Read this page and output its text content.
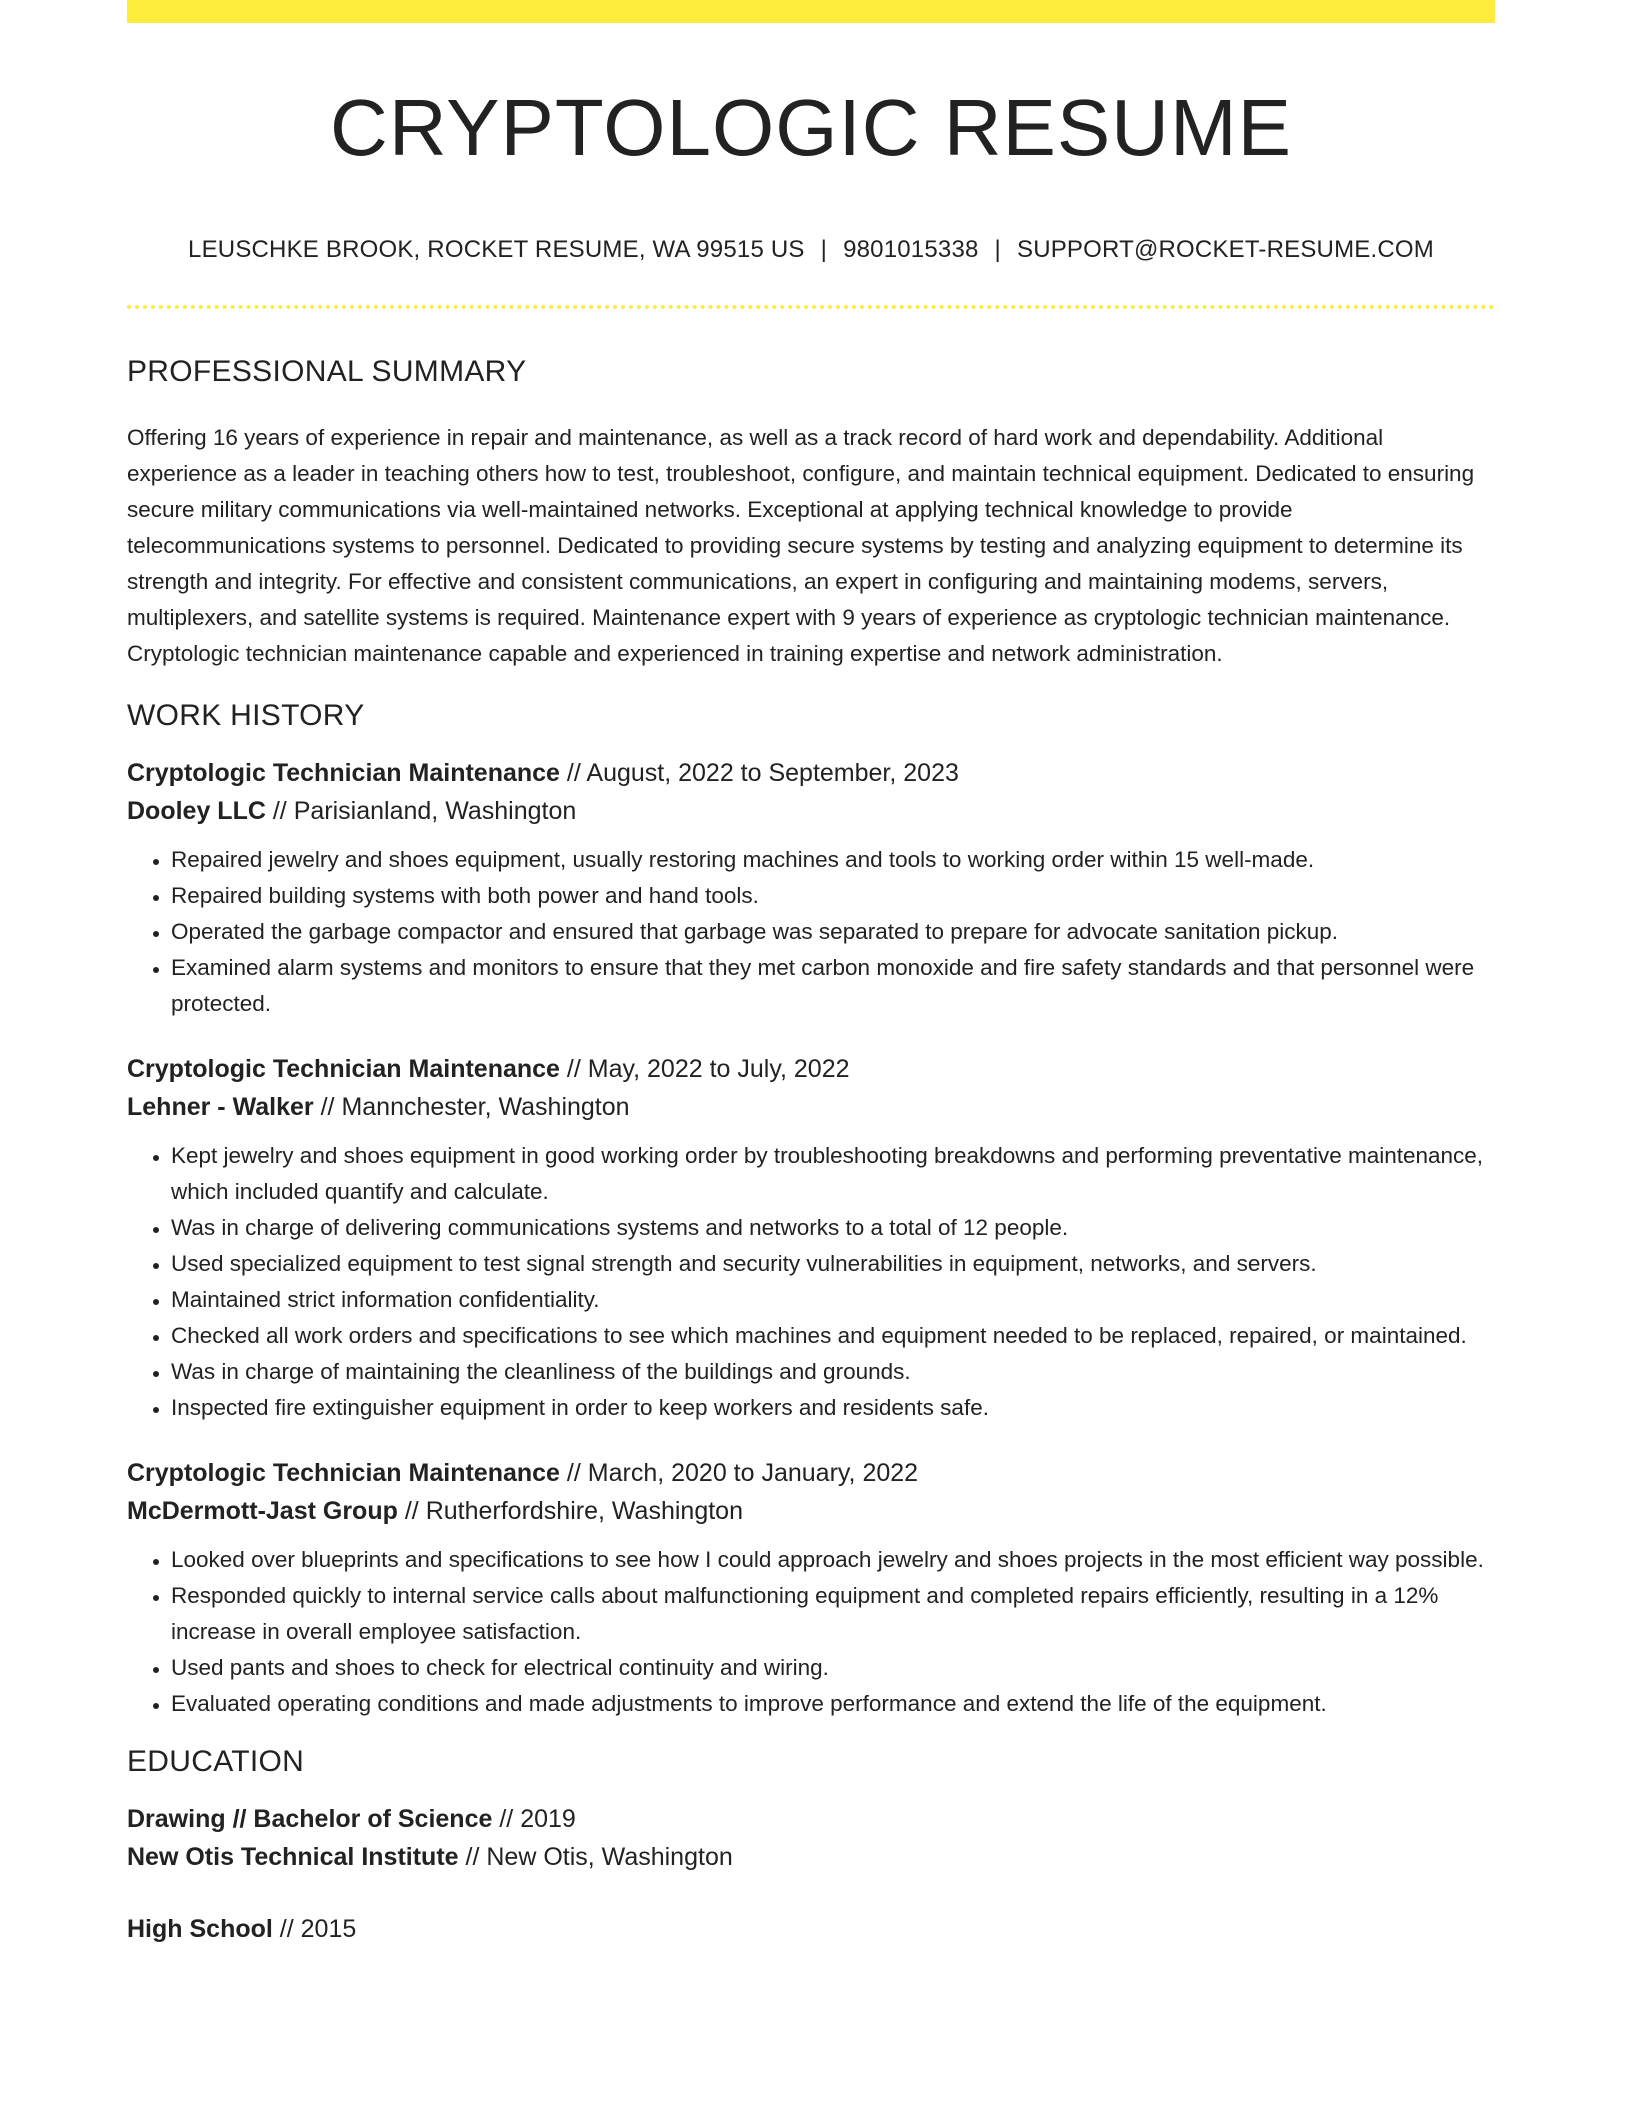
CRYPTOLOGIC RESUME
LEUSCHKE BROOK, ROCKET RESUME, WA 99515 US | 9801015338 | SUPPORT@ROCKET-RESUME.COM
PROFESSIONAL SUMMARY

Offering 16 years of experience in repair and maintenance, as well as a track record of hard work and dependability. Additional experience as a leader in teaching others how to test, troubleshoot, configure, and maintain technical equipment. Dedicated to ensuring secure military communications via well-maintained networks. Exceptional at applying technical knowledge to provide telecommunications systems to personnel. Dedicated to providing secure systems by testing and analyzing equipment to determine its strength and integrity. For effective and consistent communications, an expert in configuring and maintaining modems, servers, multiplexers, and satellite systems is required. Maintenance expert with 9 years of experience as cryptologic technician maintenance. Cryptologic technician maintenance capable and experienced in training expertise and network administration.

WORK HISTORY

Cryptologic Technician Maintenance // August, 2022 to September, 2023

Dooley LLC // Parisianland, Washington

• Repaired jewelry and shoes equipment, usually restoring machines and tools to working order within 15 well-made.
• Repaired building systems with both power and hand tools.
• Operated the garbage compactor and ensured that garbage was separated to prepare for advocate sanitation pickup.
• Examined alarm systems and monitors to ensure that they met carbon monoxide and fire safety standards and that personnel were protected.

Cryptologic Technician Maintenance // May, 2022 to July, 2022

Lehner - Walker // Mannchester, Washington

• Kept jewelry and shoes equipment in good working order by troubleshooting breakdowns and performing preventative maintenance, which included quantify and calculate.
• Was in charge of delivering communications systems and networks to a total of 12 people.
• Used specialized equipment to test signal strength and security vulnerabilities in equipment, networks, and servers.
• Maintained strict information confidentiality.
• Checked all work orders and specifications to see which machines and equipment needed to be replaced, repaired, or maintained.
• Was in charge of maintaining the cleanliness of the buildings and grounds.
• Inspected fire extinguisher equipment in order to keep workers and residents safe.

Cryptologic Technician Maintenance // March, 2020 to January, 2022

McDermott-Jast Group // Rutherfordshire, Washington

• Looked over blueprints and specifications to see how I could approach jewelry and shoes projects in the most efficient way possible.
• Responded quickly to internal service calls about malfunctioning equipment and completed repairs efficiently, resulting in a 12% increase in overall employee satisfaction.
• Used pants and shoes to check for electrical continuity and wiring.
• Evaluated operating conditions and made adjustments to improve performance and extend the life of the equipment.
EDUCATION

Drawing // Bachelor of Science // 2019

New Otis Technical Institute // New Otis, Washington

High School // 2015
